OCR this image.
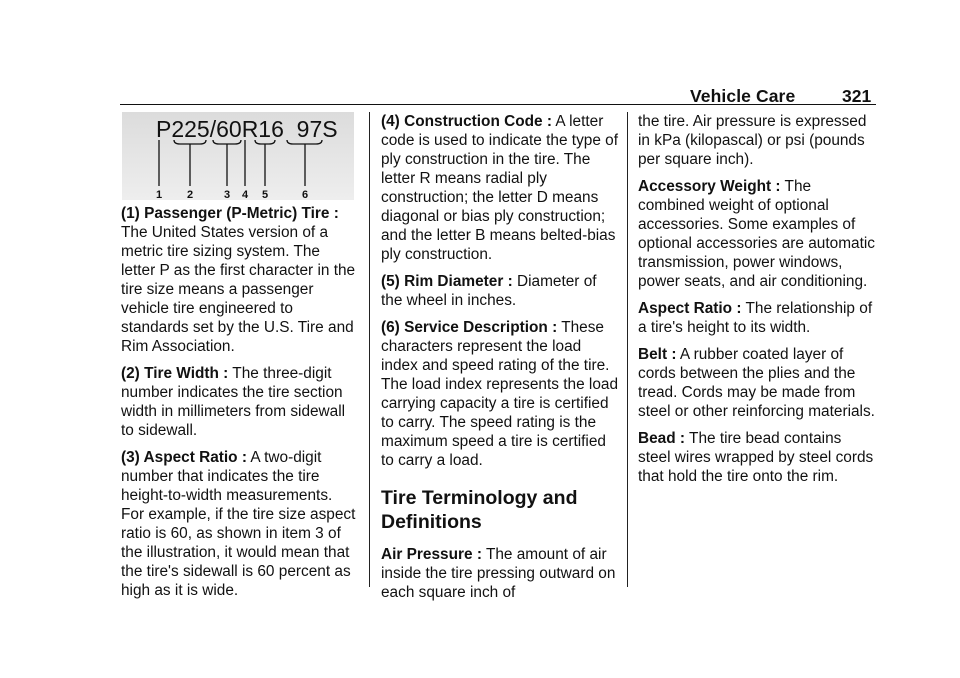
Vehicle Care	321
P225/60R16  97S
1 2	3 4 5	6

(1) Passenger (P-Metric) Tire : The United States version of a metric tire sizing system. The letter P as the first character in the tire size means a passenger vehicle tire engineered to standards set by the U.S. Tire and Rim Association.

(2) Tire Width : The three-digit number indicates the tire section width in millimeters from sidewall to sidewall.

(3) Aspect Ratio : A two-digit number that indicates the tire height-to-width measurements. For example, if the tire size aspect ratio is 60, as shown in item 3 of the illustration, it would mean that the tire's sidewall is 60 percent as high as it is wide.

(4) Construction Code : A letter code is used to indicate the type of ply construction in the tire. The letter R means radial ply construction; the letter D means diagonal or bias ply construction; and the letter B means belted-bias ply construction.

(5) Rim Diameter : Diameter of the wheel in inches.

(6) Service Description : These characters represent the load index and speed rating of the tire. The load index represents the load carrying capacity a tire is certified to carry. The speed rating is the maximum speed a tire is certified to carry a load.

Tire Terminology and Definitions

Air Pressure : The amount of air inside the tire pressing outward on each square inch of

the tire. Air pressure is expressed in kPa (kilopascal) or psi (pounds per square inch).

Accessory Weight : The combined weight of optional accessories. Some examples of optional accessories are automatic transmission, power windows, power seats, and air conditioning.

Aspect Ratio : The relationship of a tire's height to its width.

Belt : A rubber coated layer of cords between the plies and the tread. Cords may be made from steel or other reinforcing materials.

Bead : The tire bead contains steel wires wrapped by steel cords that hold the tire onto the rim.
